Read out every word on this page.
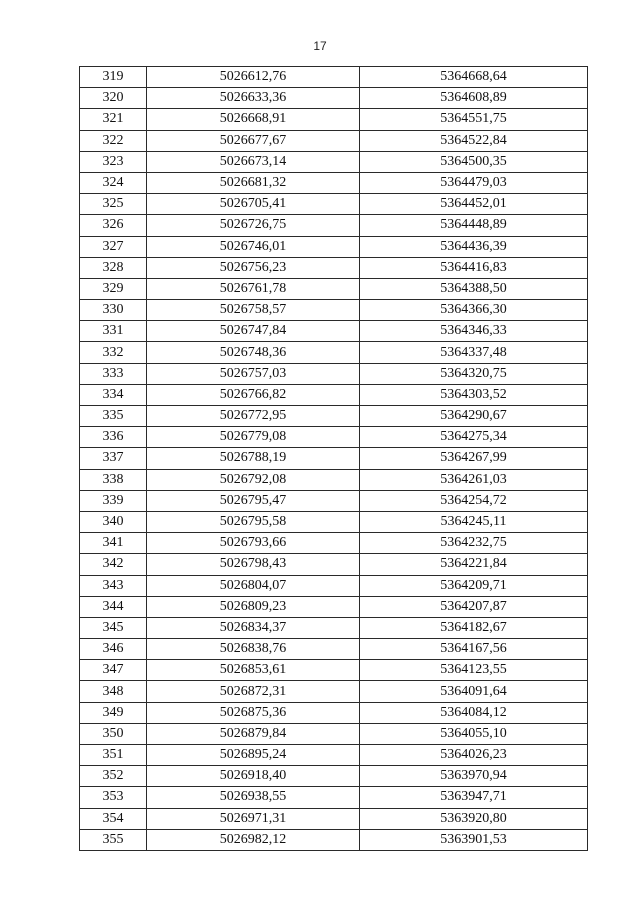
17
319	5026612,76	5364668,64
320	5026633,36	5364608,89
321	5026668,91	5364551,75
322	5026677,67	5364522,84
323	5026673,14	5364500,35
324	5026681,32	5364479,03
325	5026705,41	5364452,01
326	5026726,75	5364448,89
327	5026746,01	5364436,39
328	5026756,23	5364416,83
329	5026761,78	5364388,50
330	5026758,57	5364366,30
331	5026747,84	5364346,33
332	5026748,36	5364337,48
333	5026757,03	5364320,75
334	5026766,82	5364303,52
335	5026772,95	5364290,67
336	5026779,08	5364275,34
337	5026788,19	5364267,99
338	5026792,08	5364261,03
339	5026795,47	5364254,72
340	5026795,58	5364245,11
341	5026793,66	5364232,75
342	5026798,43	5364221,84
343	5026804,07	5364209,71
344	5026809,23	5364207,87
345	5026834,37	5364182,67
346	5026838,76	5364167,56
347	5026853,61	5364123,55
348	5026872,31	5364091,64
349	5026875,36	5364084,12
350	5026879,84	5364055,10
351	5026895,24	5364026,23
352	5026918,40	5363970,94
353	5026938,55	5363947,71
354	5026971,31	5363920,80
355	5026982,12	5363901,53
